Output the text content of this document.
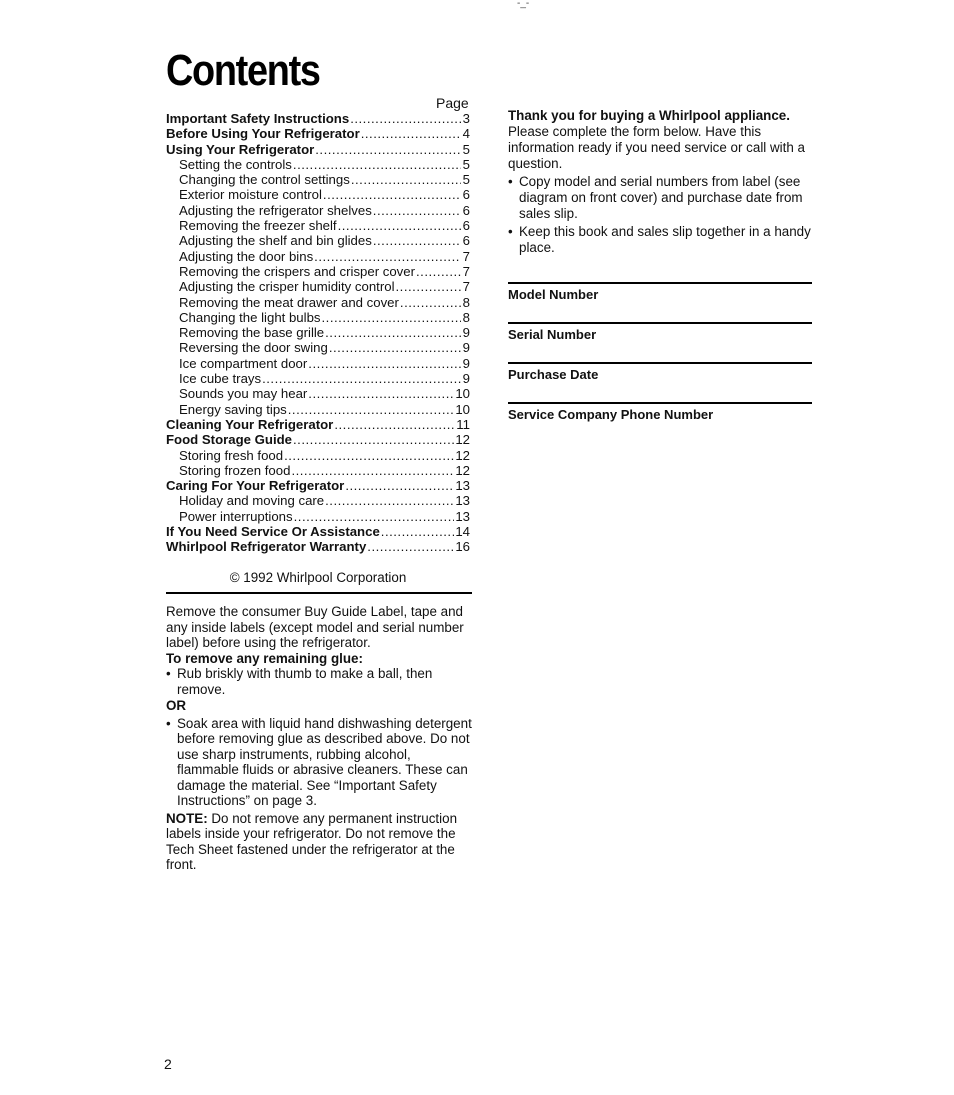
-_-
Contents
Page
Important Safety Instructions .....	3
Before Using Your Refrigerator .....	4
Using Your Refrigerator .....	5
Setting the controls .....	5
Changing the control settings .....	5
Exterior moisture control .....	6
Adjusting the refrigerator shelves .....	6
Removing the freezer shelf .....	6
Adjusting the shelf and bin glides .....	6
Adjusting the door bins .....	7
Removing the crispers and crisper cover .....	7
Adjusting the crisper humidity control .....	7
Removing the meat drawer and cover .....	8
Changing the light bulbs .....	8
Removing the base grille .....	9
Reversing the door swing .....	9
Ice compartment door .....	9
Ice cube trays .....	9
Sounds you may hear .....	10
Energy saving tips .....	10
Cleaning Your Refrigerator .....	11
Food Storage Guide .....	12
Storing fresh food .....	12
Storing frozen food .....	12
Caring For Your Refrigerator .....	13
Holiday and moving care .....	13
Power interruptions .....	13
If You Need Service Or Assistance .....	14
Whirlpool Refrigerator Warranty .....	16
© 1992 Whirlpool Corporation

Remove the consumer Buy Guide Label, tape and any inside labels (except model and serial number label) before using the refrigerator.

To remove any remaining glue:

• Rub briskly with thumb to make a ball, then remove.

OR

• Soak area with liquid hand dishwashing detergent before removing glue as described above. Do not use sharp instruments, rubbing alcohol, flammable fluids or abrasive cleaners. These can damage the material. See “Important Safety Instructions” on page 3.

NOTE: Do not remove any permanent instruction labels inside your refrigerator. Do not remove the Tech Sheet fastened under the refrigerator at the front.

Thank you for buying a Whirlpool appliance.

Please complete the form below. Have this information ready if you need service or call with a question.

• Copy model and serial numbers from label (see diagram on front cover) and purchase date from sales slip.
• Keep this book and sales slip together in a handy place.
Model Number
Serial Number
Purchase Date
Service Company Phone Number
2
